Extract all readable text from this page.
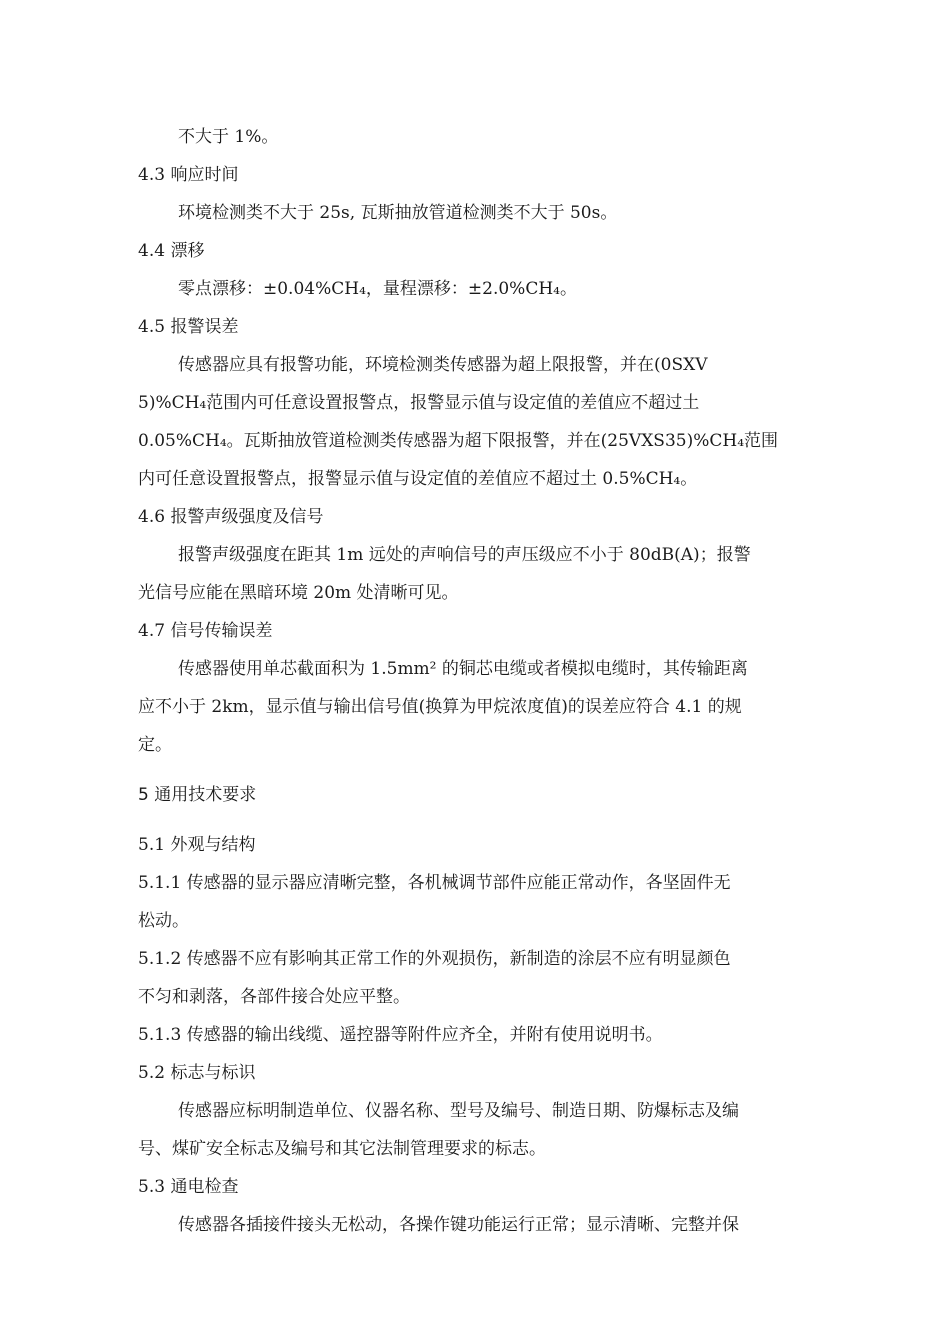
不大于 1%。
4.3 响应时间
环境检测类不大于 25s, 瓦斯抽放管道检测类不大于 50s。
4.4 漂移
零点漂移：±0.04%CH₄，量程漂移：±2.0%CH₄。
4.5 报警误差
传感器应具有报警功能，环境检测类传感器为超上限报警，并在(0SXV
5)%CH₄范围内可任意设置报警点，报警显示值与设定值的差值应不超过土
0.05%CH₄。瓦斯抽放管道检测类传感器为超下限报警，并在(25VXS35)%CH₄范围
内可任意设置报警点，报警显示值与设定值的差值应不超过土 0.5%CH₄。
4.6 报警声级强度及信号
报警声级强度在距其 1m 远处的声响信号的声压级应不小于 80dB(A)；报警
光信号应能在黑暗环境 20m 处清晰可见。
4.7 信号传输误差
传感器使用单芯截面积为 1.5mm² 的铜芯电缆或者模拟电缆时，其传输距离
应不小于 2km，显示值与输出信号值(换算为甲烷浓度值)的误差应符合 4.1 的规
定。
5 通用技术要求
5.1 外观与结构
5.1.1 传感器的显示器应清晰完整，各机械调节部件应能正常动作，各坚固件无
松动。
5.1.2 传感器不应有影响其正常工作的外观损伤，新制造的涂层不应有明显颜色
不匀和剥落，各部件接合处应平整。
5.1.3 传感器的输出线缆、遥控器等附件应齐全，并附有使用说明书。
5.2 标志与标识
传感器应标明制造单位、仪器名称、型号及编号、制造日期、防爆标志及编
号、煤矿安全标志及编号和其它法制管理要求的标志。
5.3 通电检查
传感器各插接件接头无松动，各操作键功能运行正常；显示清晰、完整并保
